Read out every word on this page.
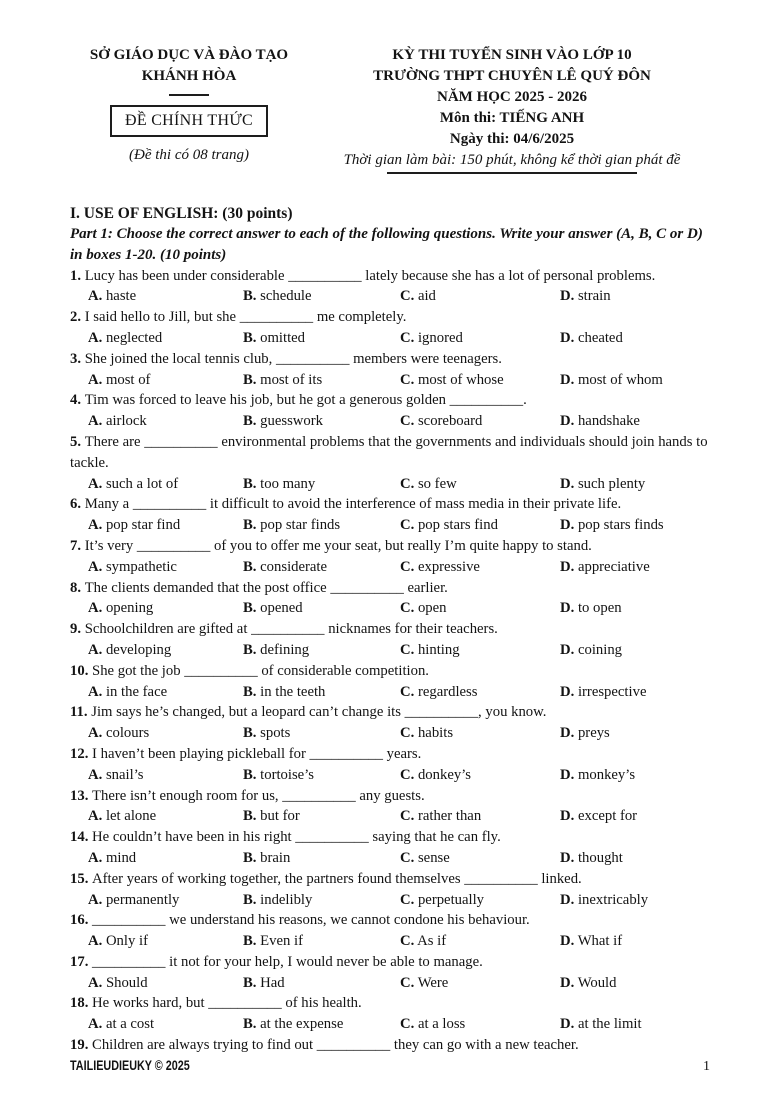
SỞ GIÁO DỤC VÀ ĐÀO TẠO
KHÁNH HÒA
ĐỀ CHÍNH THỨC
(Đề thi có 08 trang)
KỲ THI TUYỂN SINH VÀO LỚP 10
TRƯỜNG THPT CHUYÊN LÊ QUÝ ĐÔN
NĂM HỌC 2025 - 2026
Môn thi: TIẾNG ANH
Ngày thi: 04/6/2025
Thời gian làm bài: 150 phút, không kể thời gian phát đề
I. USE OF ENGLISH: (30 points)
Part 1: Choose the correct answer to each of the following questions. Write your answer (A, B, C or D) in boxes 1-20. (10 points)
1. Lucy has been under considerable __________ lately because she has a lot of personal problems.
A. haste	B. schedule	C. aid	D. strain
2. I said hello to Jill, but she __________ me completely.
A. neglected	B. omitted	C. ignored	D. cheated
3. She joined the local tennis club, __________ members were teenagers.
A. most of	B. most of its	C. most of whose	D. most of whom
4. Tim was forced to leave his job, but he got a generous golden __________.
A. airlock	B. guesswork	C. scoreboard	D. handshake
5. There are __________ environmental problems that the governments and individuals should join hands to tackle.
A. such a lot of	B. too many	C. so few	D. such plenty
6. Many a __________ it difficult to avoid the interference of mass media in their private life.
A. pop star find	B. pop star finds	C. pop stars find	D. pop stars finds
7. It’s very __________ of you to offer me your seat, but really I’m quite happy to stand.
A. sympathetic	B. considerate	C. expressive	D. appreciative
8. The clients demanded that the post office __________ earlier.
A. opening	B. opened	C. open	D. to open
9. Schoolchildren are gifted at __________ nicknames for their teachers.
A. developing	B. defining	C. hinting	D. coining
10. She got the job __________ of considerable competition.
A. in the face	B. in the teeth	C. regardless	D. irrespective
11. Jim says he’s changed, but a leopard can’t change its __________, you know.
A. colours	B. spots	C. habits	D. preys
12. I haven’t been playing pickleball for __________ years.
A. snail’s	B. tortoise’s	C. donkey’s	D. monkey’s
13. There isn’t enough room for us, __________ any guests.
A. let alone	B. but for	C. rather than	D. except for
14. He couldn’t have been in his right __________ saying that he can fly.
A. mind	B. brain	C. sense	D. thought
15. After years of working together, the partners found themselves __________ linked.
A. permanently	B. indelibly	C. perpetually	D. inextricably
16. __________ we understand his reasons, we cannot condone his behaviour.
A. Only if	B. Even if	C. As if	D. What if
17. __________ it not for your help, I would never be able to manage.
A. Should	B. Had	C. Were	D. Would
18. He works hard, but __________ of his health.
A. at a cost	B. at the expense	C. at a loss	D. at the limit
19. Children are always trying to find out __________ they can go with a new teacher.
TAILIEUDIEUKY © 2025	1
